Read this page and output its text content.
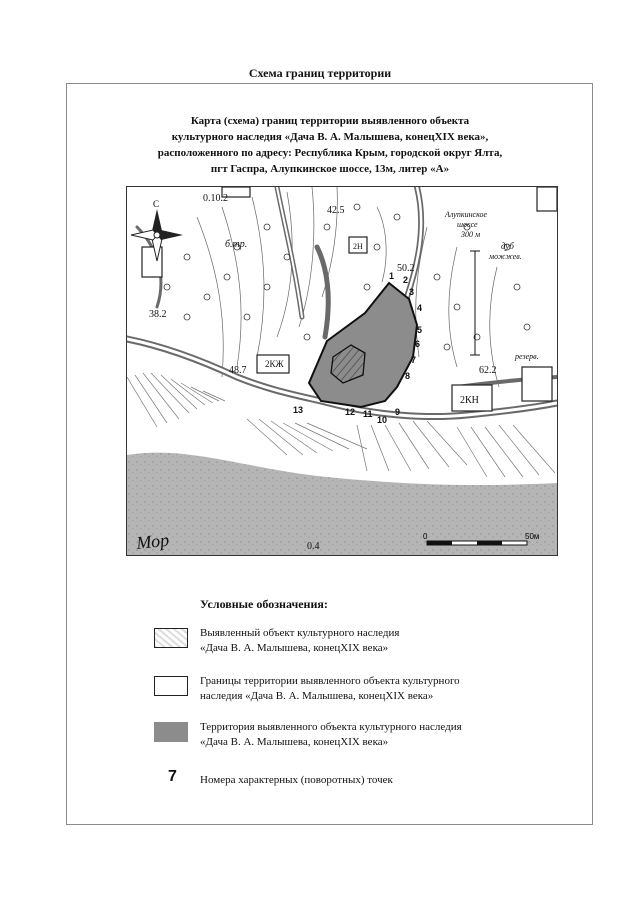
Схема границ территории
Карта (схема) границ территории выявленного объекта
культурного наследия «Дача В. А. Малышева, конецXIX века»,
расположенного по адресу: Республика Крым, городской округ Ялта,
пгт Гаспра, Алупкинское шоссе, 13м, литер «А»
С	0.10.2
42.5
38.2
50.2
48.7	62.2
0.4
б.тр.
Алупкинское
шоссе
300 м
дуб
можжев.
резерв.
2КЖ
2Н
2КН
Мор
1 2
3
4
5
6
7
8
9
10
11
12
13
0	50м
Условные обозначения:
Выявленный объект культурного наследия
«Дача В. А. Малышева, конецXIX века»
Границы территории выявленного объекта культурного
наследия «Дача В. А. Малышева, конецXIX века»
Территория выявленного объекта культурного наследия
«Дача В. А. Малышева, конецXIX века»
7 Номера характерных (поворотных) точек
